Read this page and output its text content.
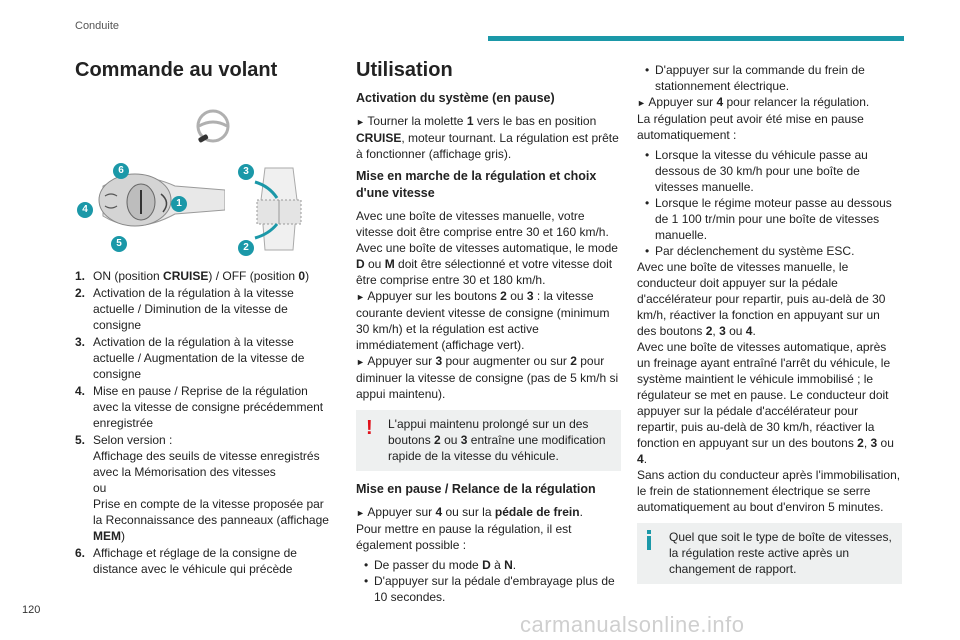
Conduite
120
Commande au volant
6
4
1
5
3
2
1. ON (position CRUISE) / OFF (position 0)
2. Activation de la régulation à la vitesse actuelle / Diminution de la vitesse de consigne
3. Activation de la régulation à la vitesse actuelle / Augmentation de la vitesse de consigne
4. Mise en pause / Reprise de la régulation avec la vitesse de consigne précédemment enregistrée
5. Selon version :
Affichage des seuils de vitesse enregistrés avec la Mémorisation des vitesses
ou
Prise en compte de la vitesse proposée par la Reconnaissance des panneaux (affichage MEM)
6. Affichage et réglage de la consigne de distance avec le véhicule qui précède
Utilisation
Activation du système (en pause)

► Tourner la molette 1 vers le bas en position CRUISE, moteur tournant. La régulation est prête à fonctionner (affichage gris).

Mise en marche de la régulation et choix d'une vitesse

Avec une boîte de vitesses manuelle, votre vitesse doit être comprise entre 30 et 160 km/h.
Avec une boîte de vitesses automatique, le mode D ou M doit être sélectionné et votre vitesse doit être comprise entre 30 et 180 km/h.
► Appuyer sur les boutons 2 ou 3 : la vitesse courante devient vitesse de consigne (minimum 30 km/h) et la régulation est active immédiatement (affichage vert).
► Appuyer sur 3 pour augmenter ou sur 2 pour diminuer la vitesse de consigne (pas de 5 km/h si appui maintenu).

! L'appui maintenu prolongé sur un des boutons 2 ou 3 entraîne une modification rapide de la vitesse du véhicule.
Mise en pause / Relance de la régulation

► Appuyer sur 4 ou sur la pédale de frein.
Pour mettre en pause la régulation, il est également possible :

• De passer du mode D à N.
• D'appuyer sur la pédale d'embrayage plus de 10 secondes.
• D'appuyer sur la commande du frein de stationnement électrique.

► Appuyer sur 4 pour relancer la régulation.
La régulation peut avoir été mise en pause automatiquement :

• Lorsque la vitesse du véhicule passe au dessous de 30 km/h pour une boîte de vitesses manuelle.
• Lorsque le régime moteur passe au dessous de 1 100 tr/min pour une boîte de vitesses manuelle.
• Par déclenchement du système ESC.

Avec une boîte de vitesses manuelle, le conducteur doit appuyer sur la pédale d'accélérateur pour repartir, puis au-delà de 30 km/h, réactiver la fonction en appuyant sur un des boutons 2, 3 ou 4.
Avec une boîte de vitesses automatique, après un freinage ayant entraîné l'arrêt du véhicule, le système maintient le véhicule immobilisé ; le régulateur se met en pause. Le conducteur doit appuyer sur la pédale d'accélérateur pour repartir, puis au-delà de 30 km/h, réactiver la fonction en appuyant sur un des boutons 2, 3 ou 4.
Sans action du conducteur après l'immobilisation, le frein de stationnement électrique se serre automatiquement au bout d'environ 5 minutes.

Quel que soit le type de boîte de vitesses, la régulation reste active après un changement de rapport.
carmanualsonline.info
